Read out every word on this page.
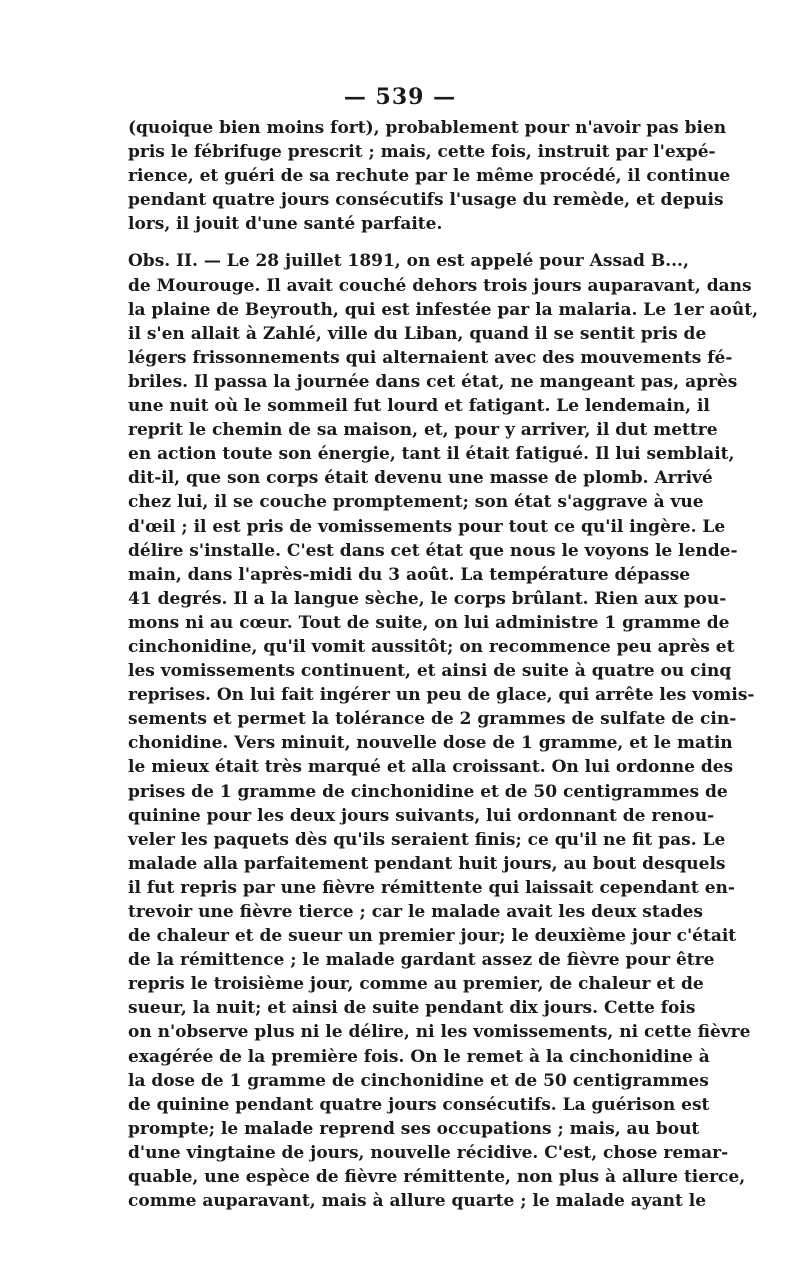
— 539 —
(quoique bien moins fort), probablement pour n'avoir pas bien
pris le fébrifuge prescrit ; mais, cette fois, instruit par l'expé-
rience, et guéri de sa rechute par le même procédé, il continue
pendant quatre jours consécutifs l'usage du remède, et depuis
lors, il jouit d'une santé parfaite.
Obs. II. — Le 28 juillet 1891, on est appelé pour Assad B...,
de Mourouge. Il avait couché dehors trois jours auparavant, dans
la plaine de Beyrouth, qui est infestée par la malaria. Le 1er août,
il s'en allait à Zahlé, ville du Liban, quand il se sentit pris de
légers frissonnements qui alternaient avec des mouvements fé-
briles. Il passa la journée dans cet état, ne mangeant pas, après
une nuit où le sommeil fut lourd et fatigant. Le lendemain, il
reprit le chemin de sa maison, et, pour y arriver, il dut mettre
en action toute son énergie, tant il était fatigué. Il lui semblait,
dit-il, que son corps était devenu une masse de plomb. Arrivé
chez lui, il se couche promptement; son état s'aggrave à vue
d'œil ; il est pris de vomissements pour tout ce qu'il ingère. Le
délire s'installe. C'est dans cet état que nous le voyons le lende-
main, dans l'après-midi du 3 août. La température dépasse
41 degrés. Il a la langue sèche, le corps brûlant. Rien aux pou-
mons ni au cœur. Tout de suite, on lui administre 1 gramme de
cinchonidine, qu'il vomit aussitôt; on recommence peu après et
les vomissements continuent, et ainsi de suite à quatre ou cinq
reprises. On lui fait ingérer un peu de glace, qui arrête les vomis-
sements et permet la tolérance de 2 grammes de sulfate de cin-
chonidine. Vers minuit, nouvelle dose de 1 gramme, et le matin
le mieux était très marqué et alla croissant. On lui ordonne des
prises de 1 gramme de cinchonidine et de 50 centigrammes de
quinine pour les deux jours suivants, lui ordonnant de renou-
veler les paquets dès qu'ils seraient finis; ce qu'il ne fit pas. Le
malade alla parfaitement pendant huit jours, au bout desquels
il fut repris par une fièvre rémittente qui laissait cependant en-
trevoir une fièvre tierce ; car le malade avait les deux stades
de chaleur et de sueur un premier jour; le deuxième jour c'était
de la rémittence ; le malade gardant assez de fièvre pour être
repris le troisième jour, comme au premier, de chaleur et de
sueur, la nuit; et ainsi de suite pendant dix jours. Cette fois
on n'observe plus ni le délire, ni les vomissements, ni cette fièvre
exagérée de la première fois. On le remet à la cinchonidine à
la dose de 1 gramme de cinchonidine et de 50 centigrammes
de quinine pendant quatre jours consécutifs. La guérison est
prompte; le malade reprend ses occupations ; mais, au bout
d'une vingtaine de jours, nouvelle récidive. C'est, chose remar-
quable, une espèce de fièvre rémittente, non plus à allure tierce,
comme auparavant, mais à allure quarte ; le malade ayant le
